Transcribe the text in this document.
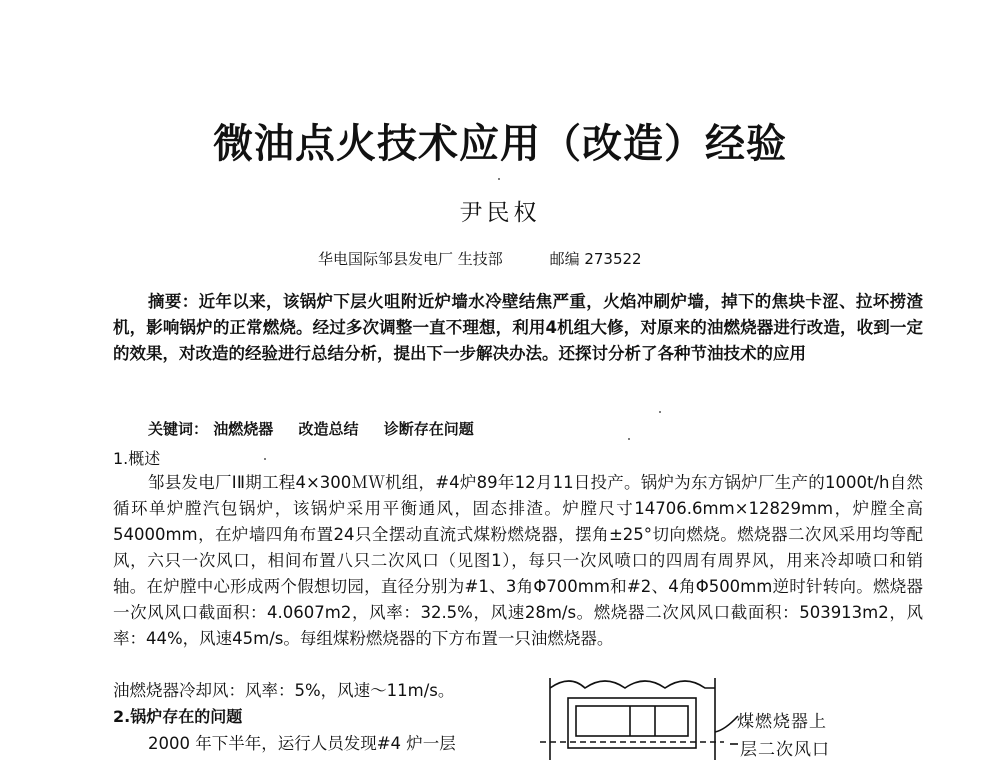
微油点火技术应用（改造）经验
尹民权
华电国际邹县发电厂 生技部	邮编 273522
摘要：近年以来，该锅炉下层火咀附近炉墙水冷壁结焦严重，火焰冲刷炉墙，掉下的焦块卡涩、拉坏捞渣机，影响锅炉的正常燃烧。经过多次调整一直不理想，利用4机组大修，对原来的油燃烧器进行改造，收到一定的效果，对改造的经验进行总结分析，提出下一步解决办法。还探讨分析了各种节油技术的应用
关键词： 油燃烧器 改造总结 诊断存在问题
1.概述
邹县发电厂ⅠⅡ期工程4×300ＭＷ机组，#4炉89年12月11日投产。锅炉为东方锅炉厂生产的1000t/h自然循环单炉膛汽包锅炉，该锅炉采用平衡通风，固态排渣。炉膛尺寸14706.6mm×12829mm，炉膛全高54000mm，在炉墙四角布置24只全摆动直流式煤粉燃烧器，摆角±25°切向燃烧。燃烧器二次风采用均等配风，六只一次风口，相间布置八只二次风口（见图1），每只一次风喷口的四周有周界风，用来冷却喷口和销轴。在炉膛中心形成两个假想切园，直径分别为#1、3角Φ700mm和#2、4角Φ500mm逆时针转向。燃烧器一次风风口截面积：4.0607m2，风率：32.5%，风速28m/s。燃烧器二次风风口截面积：503913m2，风率：44%，风速45m/s。每组煤粉燃烧器的下方布置一只油燃烧器。
油燃烧器冷却风：风率：5%，风速～11m/s。
2.锅炉存在的问题
2000 年下半年，运行人员发现#4 炉一层
煤燃烧器上
层二次风口
